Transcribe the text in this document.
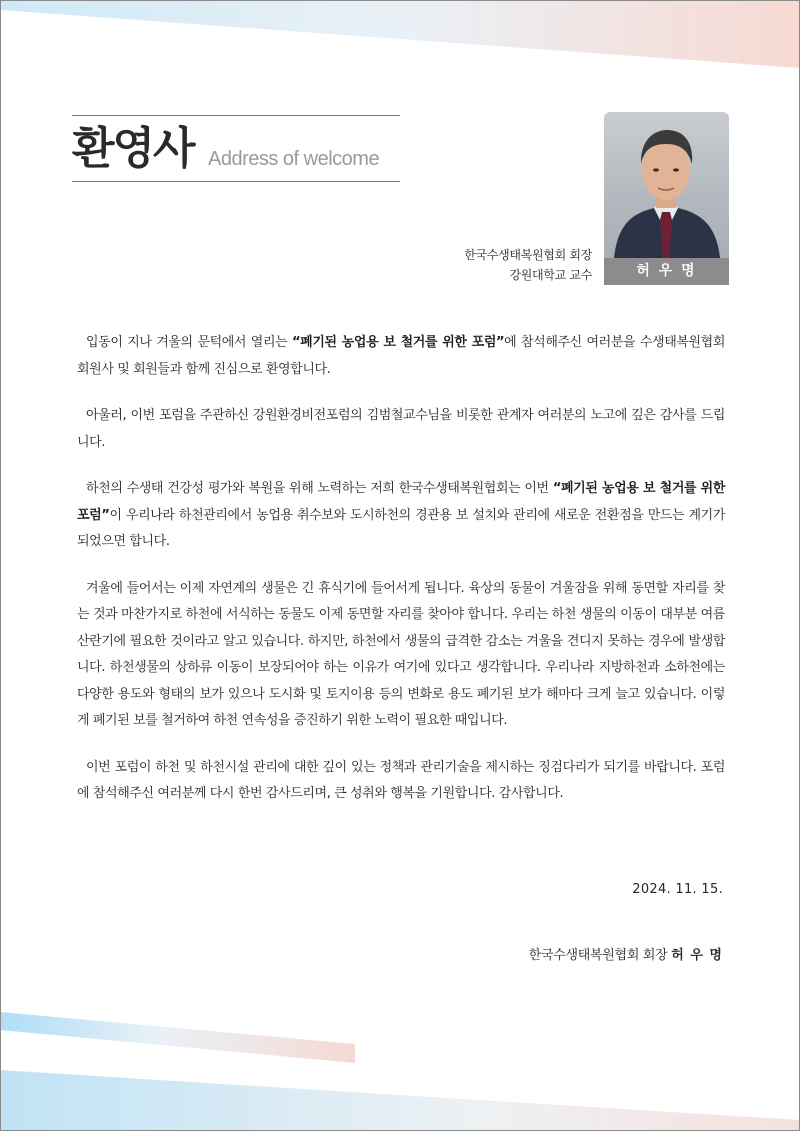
환영사 Address of welcome
한국수생태복원협회 회장
강원대학교 교수	허 우 명

입동이 지나 겨울의 문턱에서 열리는 “폐기된 농업용 보 철거를 위한 포럼”에 참석해주신 여러분을 수생태복원협회 회원사 및 회원들과 함께 진심으로 환영합니다.

아울러, 이번 포럼을 주관하신 강원환경비전포럼의 김범철교수님을 비롯한 관계자 여러분의 노고에 깊은 감사를 드립니다.

하천의 수생태 건강성 평가와 복원을 위해 노력하는 저희 한국수생태복원협회는 이번 “폐기된 농업용 보 철거를 위한 포럼”이 우리나라 하천관리에서 농업용 취수보와 도시하천의 경관용 보 설치와 관리에 새로운 전환점을 만드는 계기가 되었으면 합니다.

겨울에 들어서는 이제 자연계의 생물은 긴 휴식기에 들어서게 됩니다. 육상의 동물이 겨울잠을 위해 동면할 자리를 찾는 것과 마찬가지로 하천에 서식하는 동물도 이제 동면할 자리를 찾아야 합니다. 우리는 하천 생물의 이동이 대부분 여름 산란기에 필요한 것이라고 알고 있습니다. 하지만, 하천에서 생물의 급격한 감소는 겨울을 견디지 못하는 경우에 발생합니다. 하천생물의 상하류 이동이 보장되어야 하는 이유가 여기에 있다고 생각합니다. 우리나라 지방하천과 소하천에는 다양한 용도와 형태의 보가 있으나 도시화 및 토지이용 등의 변화로 용도 폐기된 보가 해마다 크게 늘고 있습니다. 이렇게 폐기된 보를 철거하여 하천 연속성을 증진하기 위한 노력이 필요한 때입니다.

이번 포럼이 하천 및 하천시설 관리에 대한 깊이 있는 정책과 관리기술을 제시하는 징검다리가 되기를 바랍니다. 포럼에 참석해주신 여러분께 다시 한번 감사드리며, 큰 성취와 행복을 기원합니다. 감사합니다.

2024. 11. 15.
한국수생태복원협회 회장 허 우 명
